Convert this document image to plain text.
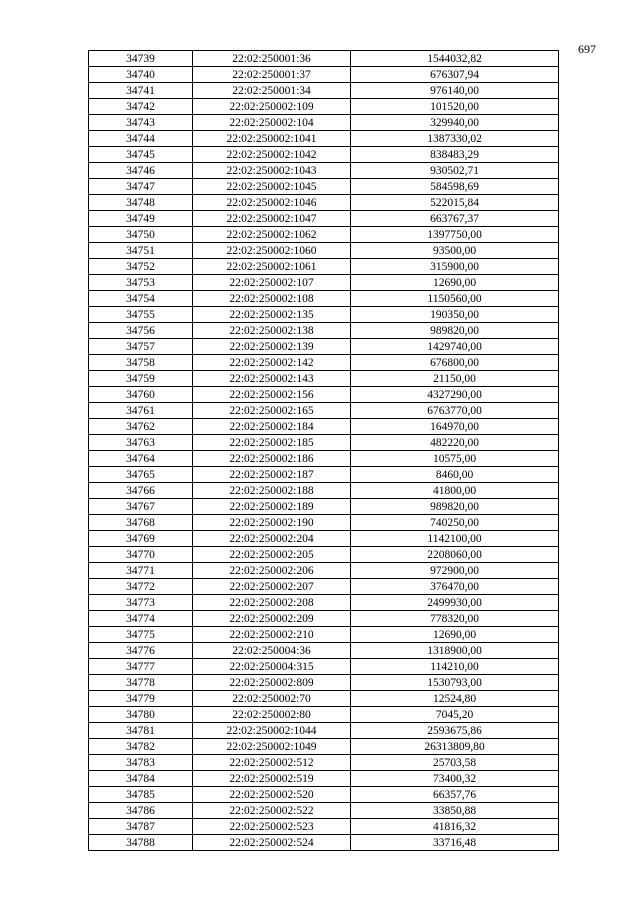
697
34739	22:02:250001:36	1544032,82
34740	22:02:250001:37	676307,94
34741	22:02:250001:34	976140,00
34742	22:02:250002:109	101520,00
34743	22:02:250002:104	329940,00
34744	22:02:250002:1041	1387330,02
34745	22:02:250002:1042	838483,29
34746	22:02:250002:1043	930502,71
34747	22:02:250002:1045	584598,69
34748	22:02:250002:1046	522015,84
34749	22:02:250002:1047	663767,37
34750	22:02:250002:1062	1397750,00
34751	22:02:250002:1060	93500,00
34752	22:02:250002:1061	315900,00
34753	22:02:250002:107	12690,00
34754	22:02:250002:108	1150560,00
34755	22:02:250002:135	190350,00
34756	22:02:250002:138	989820,00
34757	22:02:250002:139	1429740,00
34758	22:02:250002:142	676800,00
34759	22:02:250002:143	21150,00
34760	22:02:250002:156	4327290,00
34761	22:02:250002:165	6763770,00
34762	22:02:250002:184	164970,00
34763	22:02:250002:185	482220,00
34764	22:02:250002:186	10575,00
34765	22:02:250002:187	8460,00
34766	22:02:250002:188	41800,00
34767	22:02:250002:189	989820,00
34768	22:02:250002:190	740250,00
34769	22:02:250002:204	1142100,00
34770	22:02:250002:205	2208060,00
34771	22:02:250002:206	972900,00
34772	22:02:250002:207	376470,00
34773	22:02:250002:208	2499930,00
34774	22:02:250002:209	778320,00
34775	22:02:250002:210	12690,00
34776	22:02:250004:36	1318900,00
34777	22:02:250004:315	114210,00
34778	22:02:250002:809	1530793,00
34779	22:02:250002:70	12524,80
34780	22:02:250002:80	7045,20
34781	22:02:250002:1044	2593675,86
34782	22:02:250002:1049	26313809,80
34783	22:02:250002:512	25703,58
34784	22:02:250002:519	73400,32
34785	22:02:250002:520	66357,76
34786	22:02:250002:522	33850,88
34787	22:02:250002:523	41816,32
34788	22:02:250002:524	33716,48
